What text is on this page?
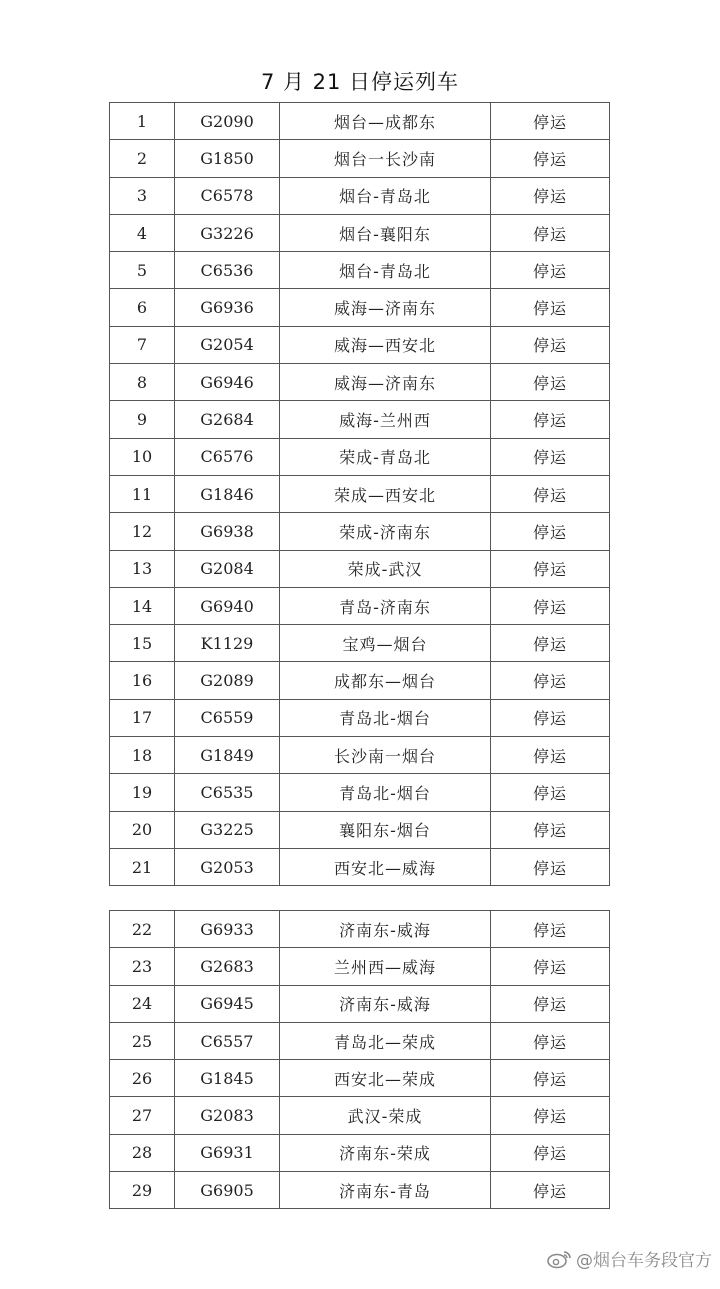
7 月 21 日停运列车
1	G2090	烟台—成都东	停运
2	G1850	烟台一长沙南	停运
3	C6578	烟台-青岛北	停运
4	G3226	烟台-襄阳东	停运
5	C6536	烟台-青岛北	停运
6	G6936	威海—济南东	停运
7	G2054	威海—西安北	停运
8	G6946	威海—济南东	停运
9	G2684	威海-兰州西	停运
10	C6576	荣成-青岛北	停运
11	G1846	荣成—西安北	停运
12	G6938	荣成-济南东	停运
13	G2084	荣成-武汉	停运
14	G6940	青岛-济南东	停运
15	K1129	宝鸡—烟台	停运
16	G2089	成都东—烟台	停运
17	C6559	青岛北-烟台	停运
18	G1849	长沙南一烟台	停运
19	C6535	青岛北-烟台	停运
20	G3225	襄阳东-烟台	停运
21	G2053	西安北—威海	停运
22	G6933	济南东-威海	停运
23	G2683	兰州西—威海	停运
24	G6945	济南东-威海	停运
25	C6557	青岛北—荣成	停运
26	G1845	西安北—荣成	停运
27	G2083	武汉-荣成	停运
28	G6931	济南东-荣成	停运
29	G6905	济南东-青岛	停运
@烟台车务段官方
